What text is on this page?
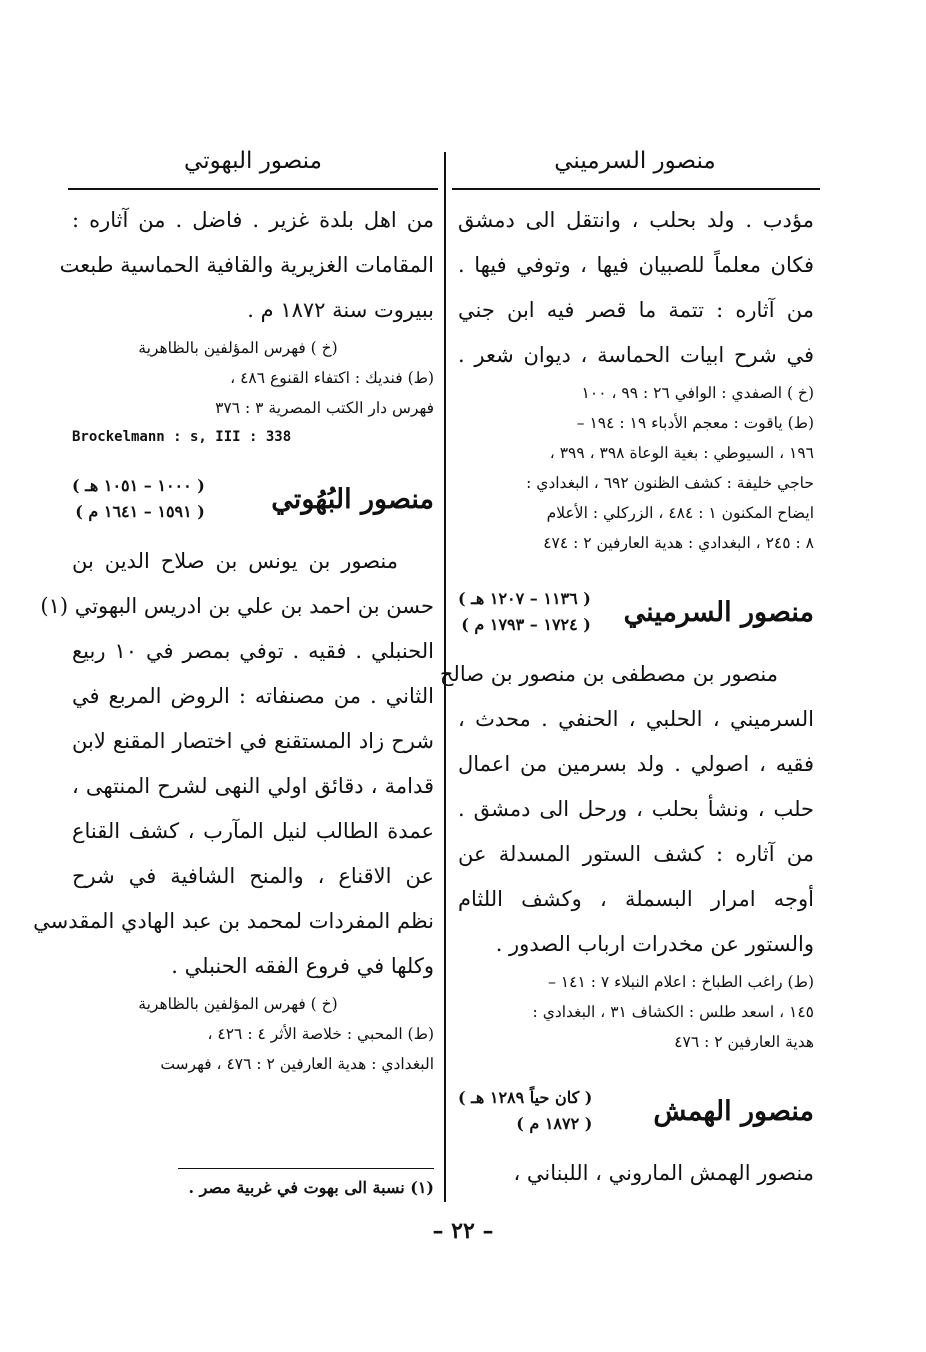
منصور السرميني
منصور البهوتي
مؤدب . ولد بحلب ، وانتقل الى دمشق
فكان معلماً للصبيان فيها ، وتوفي فيها .
من آثاره : تتمة ما قصر فيه ابن جني
في شرح ابيات الحماسة ، ديوان شعر .
(خ ) الصفدي : الوافي ٢٦ : ٩٩ ، ١٠٠
(ط) ياقوت : معجم الأدباء ١٩ : ١٩٤ –
١٩٦ ، السيوطي : بغية الوعاة ٣٩٨ ، ٣٩٩ ،
حاجي خليفة : كشف الظنون ٦٩٢ ، البغدادي :
ايضاح المكنون ١ : ٤٨٤ ، الزركلي : الأعلام
٨ : ٢٤٥ ، البغدادي : هدية العارفين ٢ : ٤٧٤
منصور السرميني
( ١١٣٦ – ١٢٠٧ هـ )
( ١٧٢٤ – ١٧٩٣ م )
منصور بن مصطفى بن منصور بن صالح
السرميني ، الحلبي ، الحنفي . محدث ،
فقيه ، اصولي . ولد بسرمين من اعمال
حلب ، ونشأ بحلب ، ورحل الى دمشق .
من آثاره : كشف الستور المسدلة عن
أوجه امرار البسملة ، وكشف اللثام
والستور عن مخدرات ارباب الصدور .
(ط) راغب الطباخ : اعلام النبلاء ٧ : ١٤١ –
١٤٥ ، اسعد طلس : الكشاف ٣١ ، البغدادي :
هدية العارفين ٢ : ٤٧٦
منصور الهمش
( كان حياً ١٢٨٩ هـ )
( ١٨٧٢ م )
منصور الهمش الماروني ، اللبناني ،
من اهل بلدة غزير . فاضل . من آثاره :
المقامات الغزيرية والقافية الحماسية طبعت
ببيروت سنة ١٨٧٢ م .
(خ ) فهرس المؤلفين بالظاهرية
(ط) فنديك : اكتفاء القنوع ٤٨٦ ،
فهرس دار الكتب المصرية ٣ : ٣٧٦
Brockelmann : s, III : 338
منصور البُهُوتي
( ١٠٠٠ – ١٠٥١ هـ )
( ١٥٩١ – ١٦٤١ م )
منصور بن يونس بن صلاح الدين بن
حسن بن احمد بن علي بن ادريس البهوتي (١)
الحنبلي . فقيه . توفي بمصر في ١٠ ربيع
الثاني . من مصنفاته : الروض المربع في
شرح زاد المستقنع في اختصار المقنع لابن
قدامة ، دقائق اولي النهى لشرح المنتهى ،
عمدة الطالب لنيل المآرب ، كشف القناع
عن الاقناع ، والمنح الشافية في شرح
نظم المفردات لمحمد بن عبد الهادي المقدسي
وكلها في فروع الفقه الحنبلي .
(خ ) فهرس المؤلفين بالظاهرية
(ط) المحبي : خلاصة الأثر ٤ : ٤٢٦ ،
البغدادي : هدية العارفين ٢ : ٤٧٦ ، فهرست
(١) نسبة الى بهوت في غربية مصر .
– ٢٢ –
